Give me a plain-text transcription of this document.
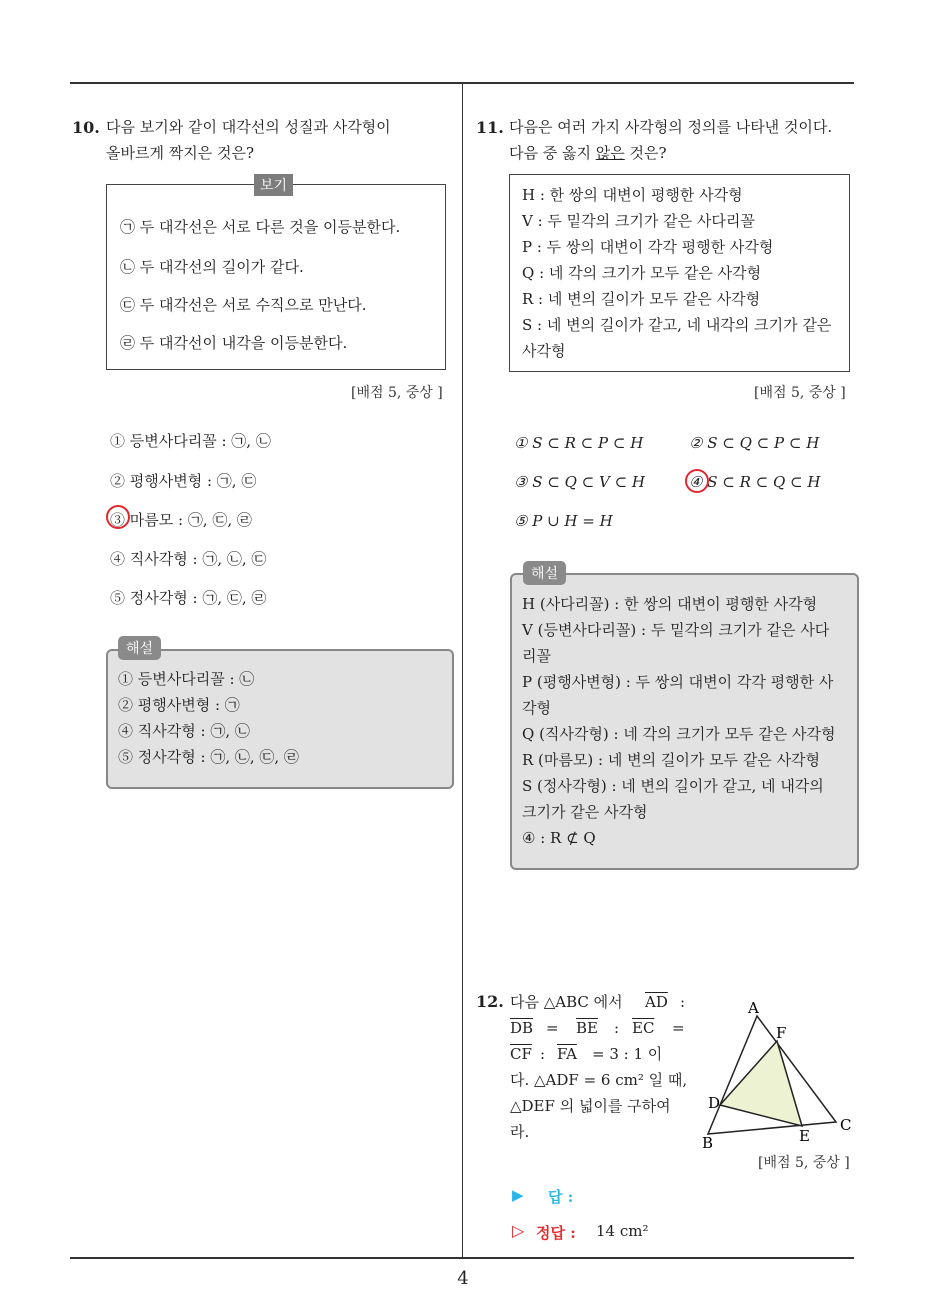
10. 다음 보기와 같이 대각선의 성질과 사각형이
올바르게 짝지은 것은?
보기
㉠ 두 대각선은 서로 다른 것을 이등분한다.
㉡ 두 대각선의 길이가 같다.
㉢ 두 대각선은 서로 수직으로 만난다.
㉣ 두 대각선이 내각을 이등분한다.
[배점 5, 중상 ]
① 등변사다리꼴 : ㉠, ㉡
② 평행사변형 : ㉠, ㉢
③ 마름모 : ㉠, ㉢, ㉣
④ 직사각형 : ㉠, ㉡, ㉢
⑤ 정사각형 : ㉠, ㉢, ㉣
해설
① 등변사다리꼴 : ㉡
② 평행사변형 : ㉠
④ 직사각형 : ㉠, ㉡
⑤ 정사각형 : ㉠, ㉡, ㉢, ㉣
11. 다음은 여러 가지 사각형의 정의를 나타낸 것이다.
다음 중 옳지 않은 것은?
H : 한 쌍의 대변이 평행한 사각형
V : 두 밑각의 크기가 같은 사다리꼴
P : 두 쌍의 대변이 각각 평행한 사각형
Q : 네 각의 크기가 모두 같은 사각형
R : 네 변의 길이가 모두 같은 사각형
S : 네 변의 길이가 같고, 네 내각의 크기가 같은
사각형
[배점 5, 중상 ]
① S ⊂ R ⊂ P ⊂ H	② S ⊂ Q ⊂ P ⊂ H
③ S ⊂ Q ⊂ V ⊂ H	④ S ⊂ R ⊂ Q ⊂ H
⑤ P ∪ H = H
해설
H (사다리꼴) : 한 쌍의 대변이 평행한 사각형
V (등변사다리꼴) : 두 밑각의 크기가 같은 사다
리꼴
P (평행사변형) : 두 쌍의 대변이 각각 평행한 사
각형
Q (직사각형) : 네 각의 크기가 모두 같은 사각형
R (마름모) : 네 변의 길이가 모두 같은 사각형
S (정사각형) : 네 변의 길이가 같고, 네 내각의
크기가 같은 사각형
④ : R ⊄ Q
12. 다음 △ABC 에서 $\overline{AD}$ :
$\overline{DB} = \overline{BE}$ : $\overline{EC}$ =
$\overline{CF}$ : $\overline{FA} = 3$ : 1 이
다. △ADF = 6 cm² 일 때,
△DEF 의 넓이를 구하여
라.
A
B
C
D
E
F
[배점 5, 중상 ]
▶ 답 :
▷ 정답 : 14 cm²
4
